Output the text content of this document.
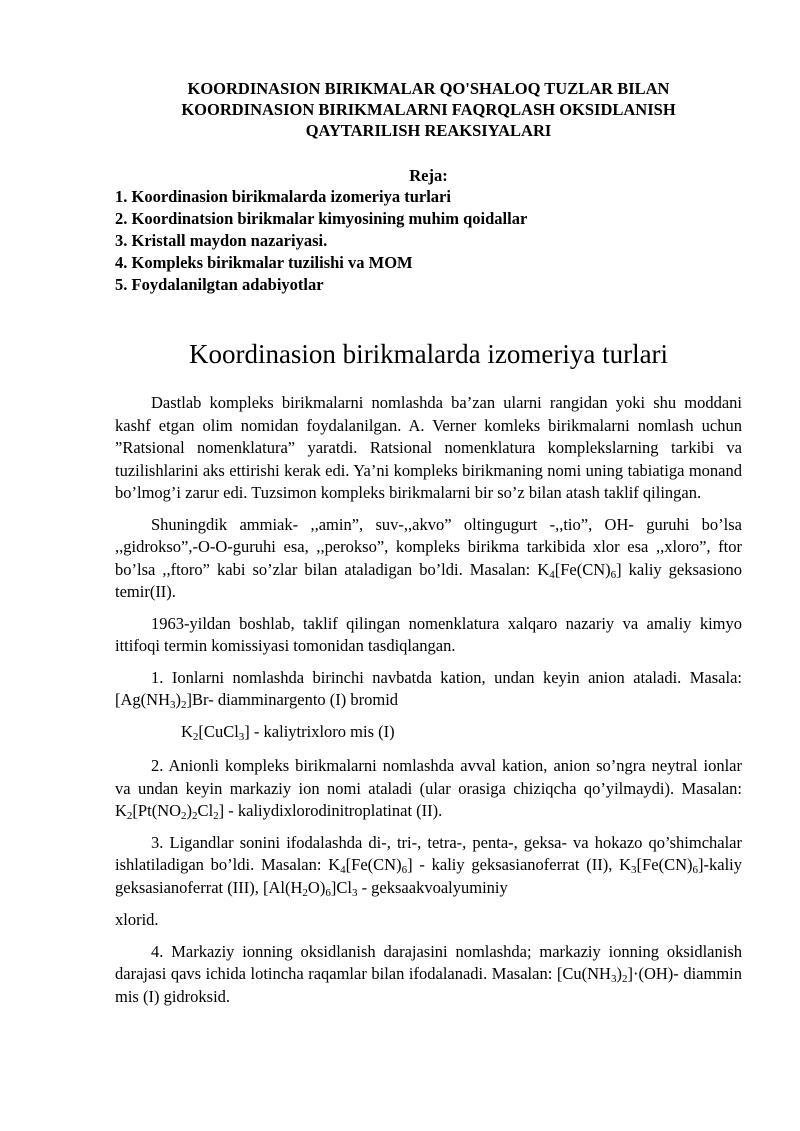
KOORDINASION BIRIKMALAR QO'SHALOQ TUZLAR BILAN
KOORDINASION BIRIKMALARNI FAQRQLASH OKSIDLANISH
QAYTARILISH REAKSIYALARI

Reja:

1. Koordinasion birikmalarda izomeriya turlari
2. Koordinatsion birikmalar kimyosining muhim qoidallar
3. Kristall maydon nazariyasi.
4. Kompleks birikmalar tuzilishi va MOM
5. Foydalanilgtan adabiyotlar
Koordinasion birikmalarda izomeriya turlari

Dastlab kompleks birikmalarni nomlashda ba’zan ularni rangidan yoki shu moddani kashf etgan olim nomidan foydalanilgan. A. Verner komleks birikmalarni nomlash uchun ”Ratsional nomenklatura” yaratdi. Ratsional nomenklatura komplekslarning tarkibi va tuzilishlarini aks ettirishi kerak edi. Ya’ni kompleks birikmaning nomi uning tabiatiga monand bo’lmog’i zarur edi. Tuzsimon kompleks birikmalarni bir so’z bilan atash taklif qilingan.

Shuningdik ammiak- ,,amin”, suv-,,akvo” oltingugurt -,,tio”, OH- guruhi bo’lsa ,,gidrokso”,-O-O-guruhi esa, ,,perokso”, kompleks birikma tarkibida xlor esa ,,xloro”, ftor bo’lsa ,,ftoro” kabi so’zlar bilan ataladigan bo’ldi. Masalan: $K_4[Fe(CN)_6]$ kaliy geksasiono temir(II).

1963-yildan boshlab, taklif qilingan nomenklatura xalqaro nazariy va amaliy kimyo ittifoqi termin komissiyasi tomonidan tasdiqlangan.

1. Ionlarni nomlashda birinchi navbatda kation, undan keyin anion ataladi. Masala: $[Ag(NH_3)_2]Br-$ diamminargento (I) bromid

$K_2[CuCl_3]$ - kaliytrixloro mis (I)

2. Anionli kompleks birikmalarni nomlashda avval kation, anion so’ngra neytral ionlar va undan keyin markaziy ion nomi ataladi (ular orasiga chiziqcha qo’yilmaydi). Masalan: $K_2[Pt(NO_2)_2Cl_2]$ - kaliydixlorodinitroplatinat (II).

3. Ligandlar sonini ifodalashda di-, tri-, tetra-, penta-, geksa- va hokazo qo’shimchalar ishlatiladigan bo’ldi. Masalan: $K_4[Fe(CN)_6]$ - kaliy geksasianoferrat (II), $K_3[Fe(CN)_6]$-kaliy geksasianoferrat (III), $[Al(H_2O)_6]Cl_3$ - geksaakvoalyuminiy

xlorid.

4. Markaziy ionning oksidlanish darajasini nomlashda; markaziy ionning oksidlanish darajasi qavs ichida lotincha raqamlar bilan ifodalanadi. Masalan: $[Cu(NH_3)_2]\cdot(OH)-$ diammin mis (I) gidroksid.
